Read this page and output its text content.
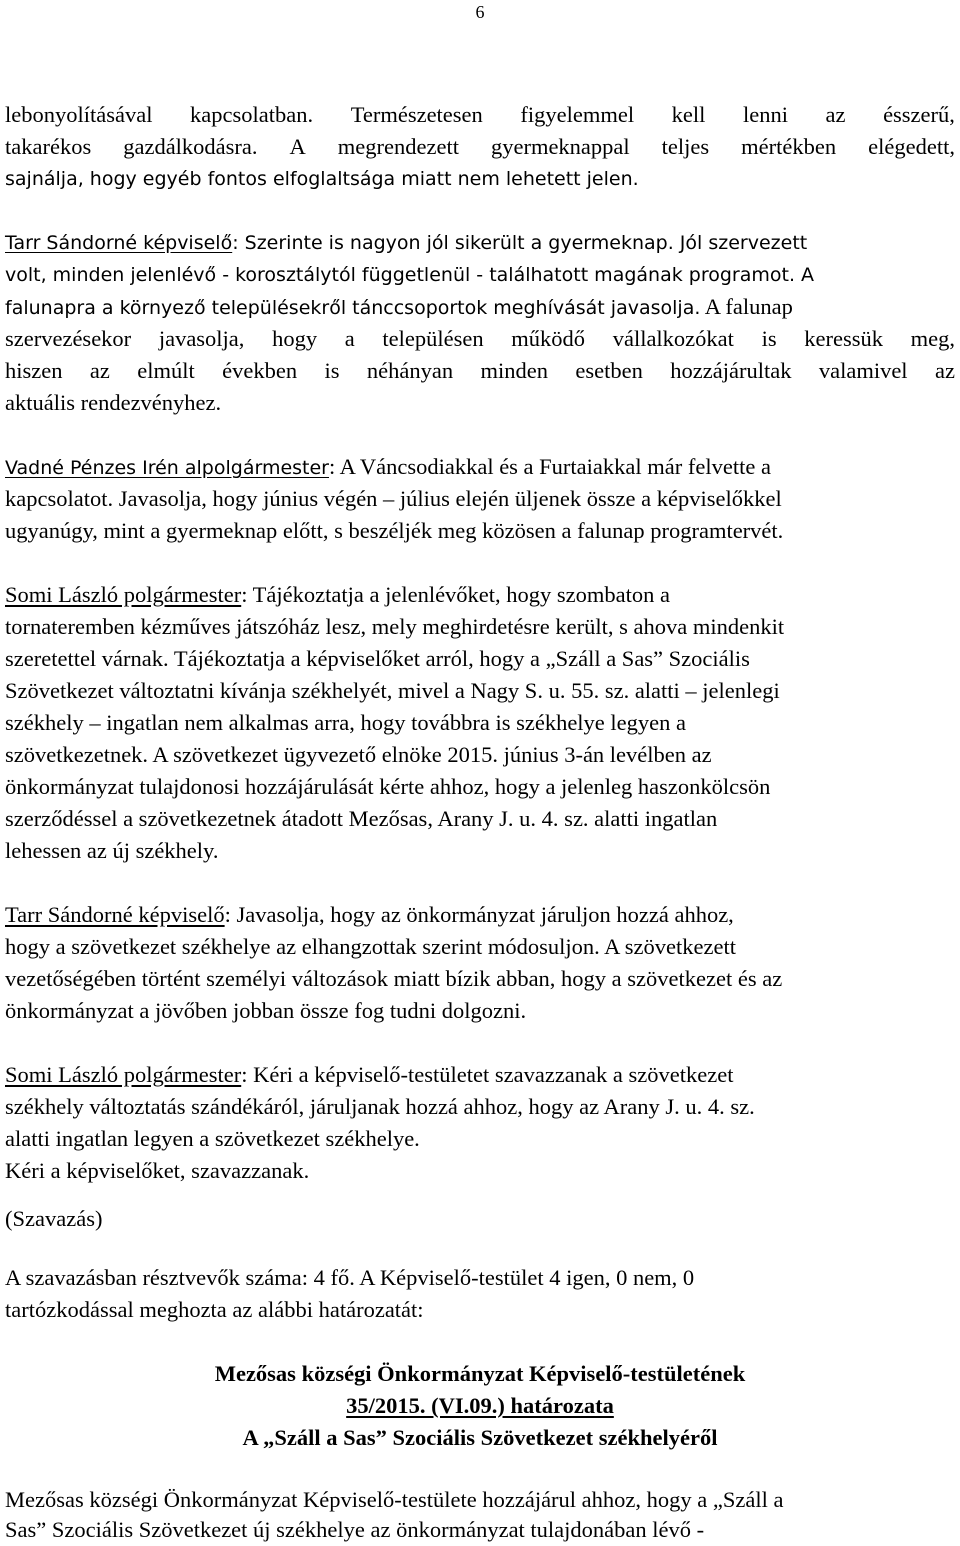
6
lebonyolításával kapcsolatban. Természetesen figyelemmel kell lenni az ésszerű,
takarékos gazdálkodásra. A megrendezett gyermeknappal teljes mértékben elégedett,
sajnálja, hogy egyéb fontos elfoglaltsága miatt nem lehetett jelen.
Tarr Sándorné képviselő: Szerinte is nagyon jól sikerült a gyermeknap. Jól szervezett
volt, minden jelenlévő - korosztálytól függetlenül - találhatott magának programot. A
falunapra a környező településekről tánccsoportok meghívását javasolja. A falunap
szervezésekor javasolja, hogy a településen működő vállalkozókat is keressük meg,
hiszen az elmúlt években is néhányan minden esetben hozzájárultak valamivel az
aktuális rendezvényhez.
Vadné Pénzes Irén alpolgármester: A Váncsodiakkal és a Furtaiakkal már felvette a
kapcsolatot. Javasolja, hogy június végén – július elején üljenek össze a képviselőkkel
ugyanúgy, mint a gyermeknap előtt, s beszéljék meg közösen a falunap programtervét.
Somi László polgármester: Tájékoztatja a jelenlévőket, hogy szombaton a
tornateremben kézműves játszóház lesz, mely meghirdetésre került, s ahova mindenkit
szeretettel várnak. Tájékoztatja a képviselőket arról, hogy a „Száll a Sas” Szociális
Szövetkezet változtatni kívánja székhelyét, mivel a Nagy S. u. 55. sz. alatti – jelenlegi
székhely – ingatlan nem alkalmas arra, hogy továbbra is székhelye legyen a
szövetkezetnek. A szövetkezet ügyvezető elnöke 2015. június 3-án levélben az
önkormányzat tulajdonosi hozzájárulását kérte ahhoz, hogy a jelenleg haszonkölcsön
szerződéssel a szövetkezetnek átadott Mezősas, Arany J. u. 4. sz. alatti ingatlan
lehessen az új székhely.
Tarr Sándorné képviselő: Javasolja, hogy az önkormányzat járuljon hozzá ahhoz,
hogy a szövetkezet székhelye az elhangzottak szerint módosuljon. A szövetkezett
vezetőségében történt személyi változások miatt bízik abban, hogy a szövetkezet és az
önkormányzat a jövőben jobban össze fog tudni dolgozni.
Somi László polgármester: Kéri a képviselő-testületet szavazzanak a szövetkezet
székhely változtatás szándékáról, járuljanak hozzá ahhoz, hogy az Arany J. u. 4. sz.
alatti ingatlan legyen a szövetkezet székhelye.
Kéri a képviselőket, szavazzanak.
(Szavazás)
A szavazásban résztvevők száma: 4 fő. A Képviselő-testület 4 igen, 0 nem, 0
tartózkodással meghozta az alábbi határozatát:
Mezősas községi Önkormányzat Képviselő-testületének
35/2015. (VI.09.) határozata
A „Száll a Sas” Szociális Szövetkezet székhelyéről
Mezősas községi Önkormányzat Képviselő-testülete hozzájárul ahhoz, hogy a „Száll a
Sas” Szociális Szövetkezet új székhelye az önkormányzat tulajdonában lévő -
